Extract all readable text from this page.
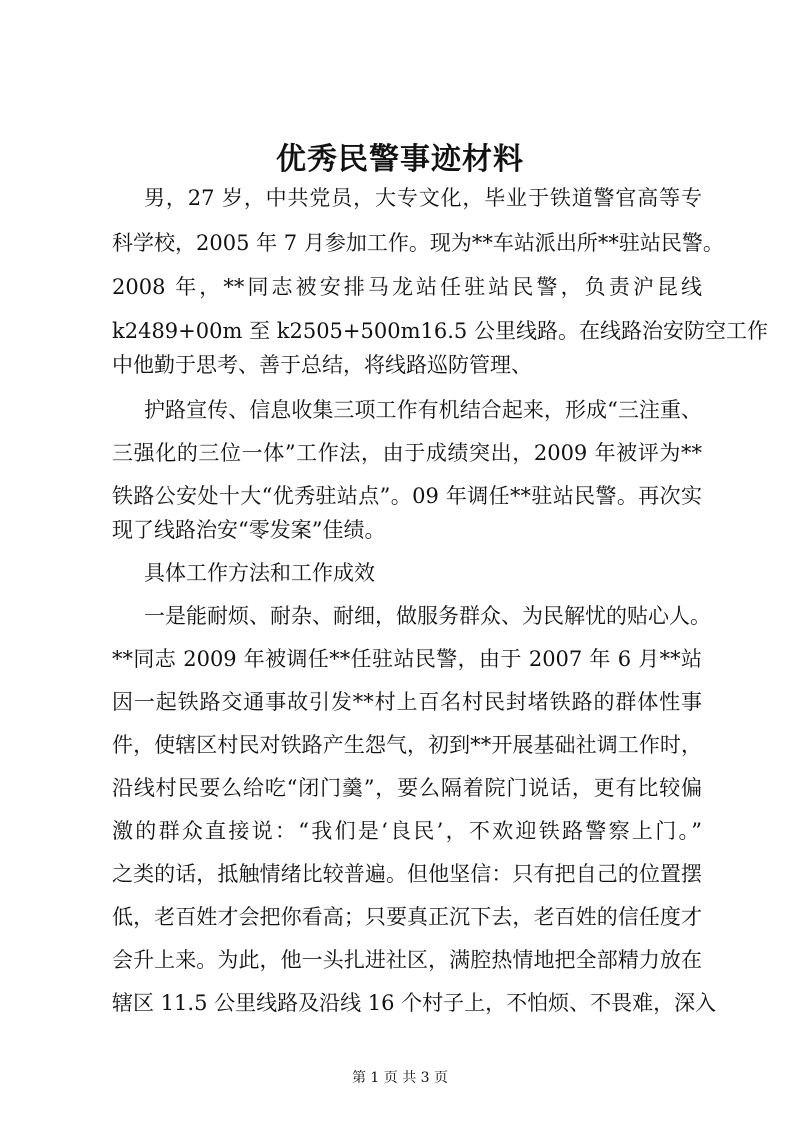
优秀民警事迹材料
男，27 岁，中共党员，大专文化，毕业于铁道警官高等专
科学校，2005 年 7 月参加工作。现为**车站派出所**驻站民警。
2008 年，**同志被安排马龙站任驻站民警，负责沪昆线
k2489+00m 至 k2505+500m16.5 公里线路。在线路治安防空工作
中他勤于思考、善于总结，将线路巡防管理、
护路宣传、信息收集三项工作有机结合起来，形成“三注重、
三强化的三位一体”工作法，由于成绩突出，2009 年被评为**
铁路公安处十大“优秀驻站点”。09 年调任**驻站民警。再次实
现了线路治安“零发案”佳绩。
具体工作方法和工作成效
一是能耐烦、耐杂、耐细，做服务群众、为民解忧的贴心人。
**同志 2009 年被调任**任驻站民警，由于 2007 年 6 月**站
因一起铁路交通事故引发**村上百名村民封堵铁路的群体性事
件，使辖区村民对铁路产生怨气，初到**开展基础社调工作时，
沿线村民要么给吃“闭门羹”，要么隔着院门说话，更有比较偏
激的群众直接说：“我们是‘良民’，不欢迎铁路警察上门。”
之类的话，抵触情绪比较普遍。但他坚信：只有把自己的位置摆
低，老百姓才会把你看高；只要真正沉下去，老百姓的信任度才
会升上来。为此，他一头扎进社区，满腔热情地把全部精力放在
辖区 11.5 公里线路及沿线 16 个村子上，不怕烦、不畏难，深入
第 1 页 共 3 页
